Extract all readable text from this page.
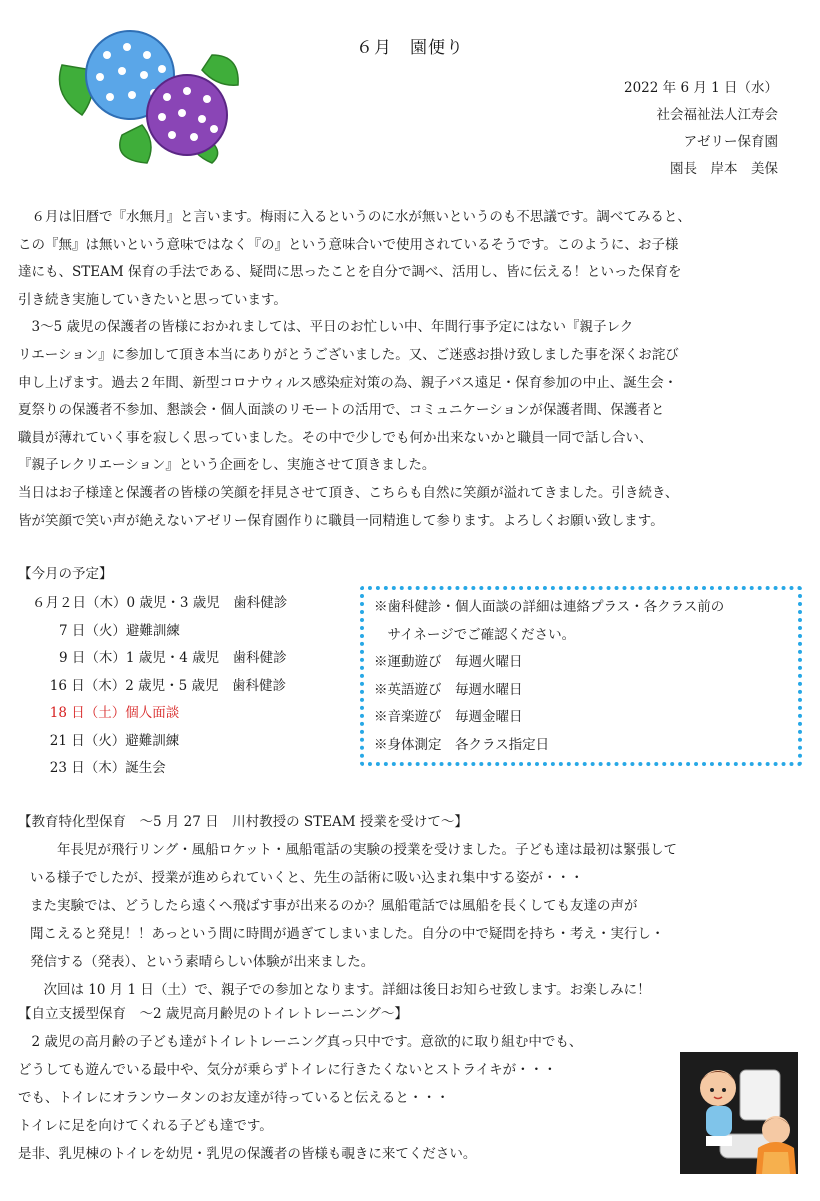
６月　園便り
2022 年 6 月 1 日（水）
社会福祉法人江寿会
アゼリー保育園
園長　岸本　美保
　６月は旧暦で『水無月』と言います。梅雨に入るというのに水が無いというのも不思議です。調べてみると、
この『無』は無いという意味ではなく『の』という意味合いで使用されているそうです。このように、お子様
達にも、STEAM 保育の手法である、疑問に思ったことを自分で調べ、活用し、皆に伝える！といった保育を
引き続き実施していきたいと思っています。
　3～5 歳児の保護者の皆様におかれましては、平日のお忙しい中、年間行事予定にはない『親子レク
リエーション』に参加して頂き本当にありがとうございました。又、ご迷惑お掛け致しました事を深くお詫び
申し上げます。過去２年間、新型コロナウィルス感染症対策の為、親子バス遠足・保育参加の中止、誕生会・
夏祭りの保護者不参加、懇談会・個人面談のリモートの活用で、コミュニケーションが保護者間、保護者と
職員が薄れていく事を寂しく思っていました。その中で少しでも何か出来ないかと職員一同で話し合い、
『親子レクリエーション』という企画をし、実施させて頂きました。
当日はお子様達と保護者の皆様の笑顔を拝見させて頂き、こちらも自然に笑顔が溢れてきました。引き続き、
皆が笑顔で笑い声が絶えないアゼリー保育園作りに職員一同精進して参ります。よろしくお願い致します。
【今月の予定】
６月２日（木）0 歳児・3 歳児　歯科健診
　　7 日（火）避難訓練
　　9 日（木）1 歳児・4 歳児　歯科健診
　 16 日（木）2 歳児・5 歳児　歯科健診
　 18 日（土）個人面談
　 21 日（火）避難訓練
　 23 日（木）誕生会
※歯科健診・個人面談の詳細は連絡プラス・各クラス前の
　サイネージでご確認ください。
※運動遊び　毎週火曜日
※英語遊び　毎週水曜日
※音楽遊び　毎週金曜日
※身体測定　各クラス指定日
【教育特化型保育　～5 月 27 日　川村教授の STEAM 授業を受けて～】
　　年長児が飛行リング・風船ロケット・風船電話の実験の授業を受けました。子ども達は最初は緊張して
いる様子でしたが、授業が進められていくと、先生の話術に吸い込まれ集中する姿が・・・
また実験では、どうしたら遠くへ飛ばす事が出来るのか？風船電話では風船を長くしても友達の声が
聞こえると発見！！あっという間に時間が過ぎてしまいました。自分の中で疑問を持ち・考え・実行し・
発信する（発表）、という素晴らしい体験が出来ました。
　次回は 10 月 1 日（土）で、親子での参加となります。詳細は後日お知らせ致します。お楽しみに！
【自立支援型保育　～2 歳児高月齢児のトイレトレーニング～】
　2 歳児の高月齢の子ども達がトイレトレーニング真っ只中です。意欲的に取り組む中でも、
どうしても遊んでいる最中や、気分が乗らずトイレに行きたくないとストライキが・・・
でも、トイレにオランウータンのお友達が待っていると伝えると・・・
トイレに足を向けてくれる子ども達です。
是非、乳児棟のトイレを幼児・乳児の保護者の皆様も覗きに来てください。
